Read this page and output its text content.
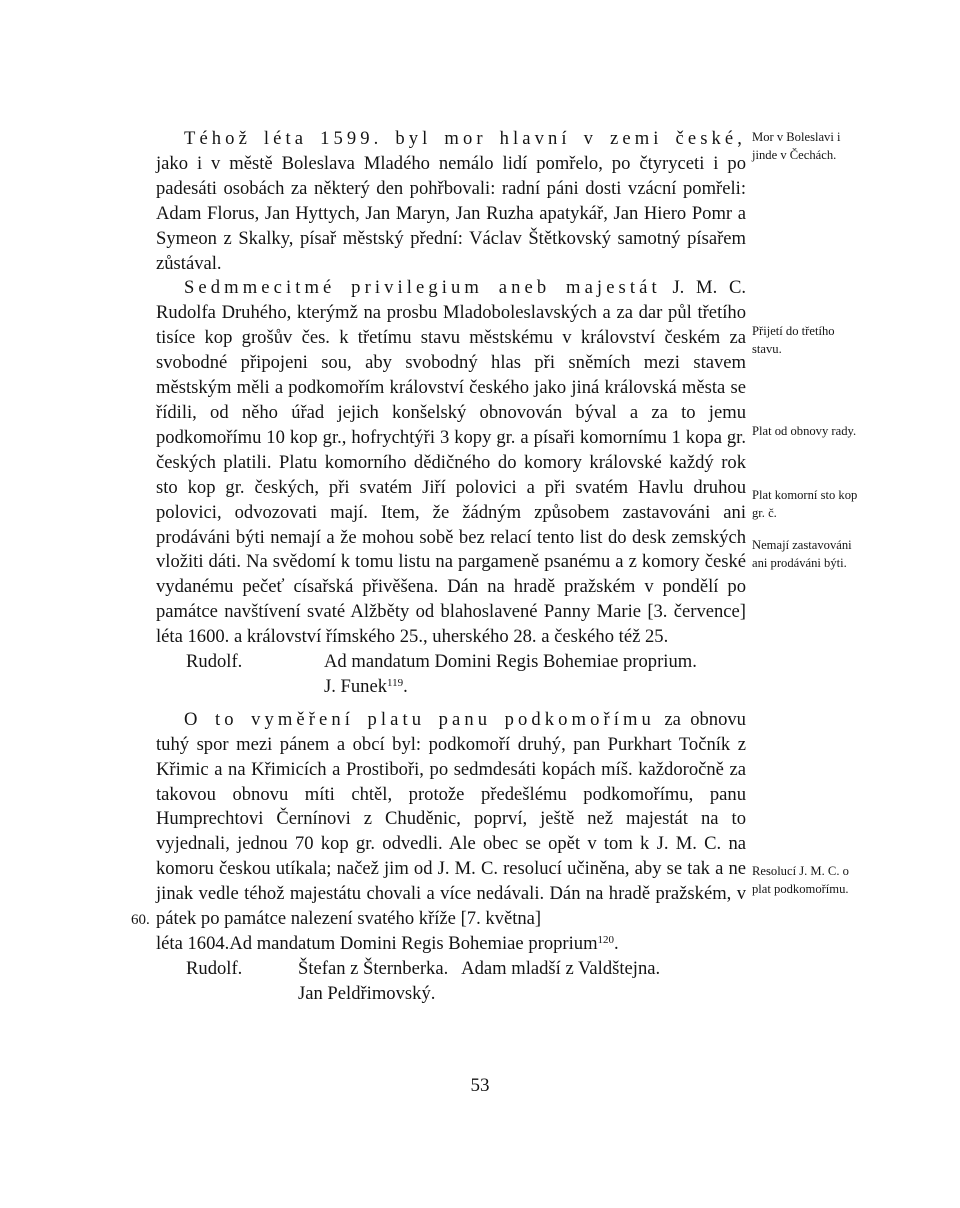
Téhož léta 1599. byl mor hlavní v zemi české, jako i v městě Boleslava Mladého nemálo lidí pomřelo, po čtyryceti i po padesáti osobách za některý den pohřbovali: radní páni dosti vzácní pomřeli: Adam Florus, Jan Hyttych, Jan Maryn, Jan Ruzha apatykář, Jan Hiero Pomr a Symeon z Skalky, písař městský přední: Václav Štětkovský samotný písařem zůstával.

Sedmmecitmé privilegium aneb majestát J. M. C. Rudolfa Druhého, kterýmž na prosbu Mladoboleslavských a za dar půl třetího tisíce kop grošův čes. k třetímu stavu městskému v království českém za svobodné připojeni sou, aby svobodný hlas při sněmích mezi stavem městským měli a podkomořím království českého jako jiná královská města se řídili, od něho úřad jejich konšelský obnovován býval a za to jemu podkomořímu 10 kop gr., hofrychtýři 3 kopy gr. a písaři komornímu 1 kopa gr. českých platili. Platu komorního dědičného do komory královské každý rok sto kop gr. českých, při svatém Jiří polovici a při svatém Havlu druhou polovici, odvozovati mají. Item, že žádným způsobem zastavováni ani prodáváni býti nemají a že mohou sobě bez relací tento list do desk zemských vložiti dáti. Na svědomí k tomu listu na pargameně psanému a z komory české vydanému pečeť císařská přivěšena. Dán na hradě pražském v pondělí po památce navštívení svaté Alžběty od blahoslavené Panny Marie [3. července] léta 1600. a království římského 25., uherského 28. a českého též 25.

Rudolf.	Ad mandatum Domini Regis Bohemiae proprium.
J. Funek$^{119}$.

O to vyměření platu panu podkomořímu za obnovu tuhý spor mezi pánem a obcí byl: podkomoří druhý, pan Purkhart Točník z Křimic a na Křimicích a Prostiboři, po sedmdesáti kopách míš. každoročně za takovou obnovu míti chtěl, protože předešlému podkomořímu, panu Humprechtovi Černínovi z Chuděnic, poprví, ještě než majestát na to vyjednali, jednou 70 kop gr. odvedli. Ale obec se opět v tom k J. M. C. na komoru českou utíkala; načež jim od J. M. C. resolucí učiněna, aby se tak a ne jinak vedle téhož majestátu chovali a více nedávali. Dán na hradě pražském, v pátek po památce nalezení svatého kříže [7. května]

léta 1604. Ad mandatum Domini Regis Bohemiae proprium$^{120}$.
Rudolf.	Štefan z Šternberka.   Adam mladší z Valdštejna.
Jan Peldřimovský.
Mor v Boleslavi i jinde v Čechách.
Přijetí do třetího stavu.
Plat od obnovy rady.
Plat komorní sto kop gr. č.
Nemají zastavováni ani prodáváni býti.
Resolucí J. M. C. o plat podkomořímu.
60.
53
